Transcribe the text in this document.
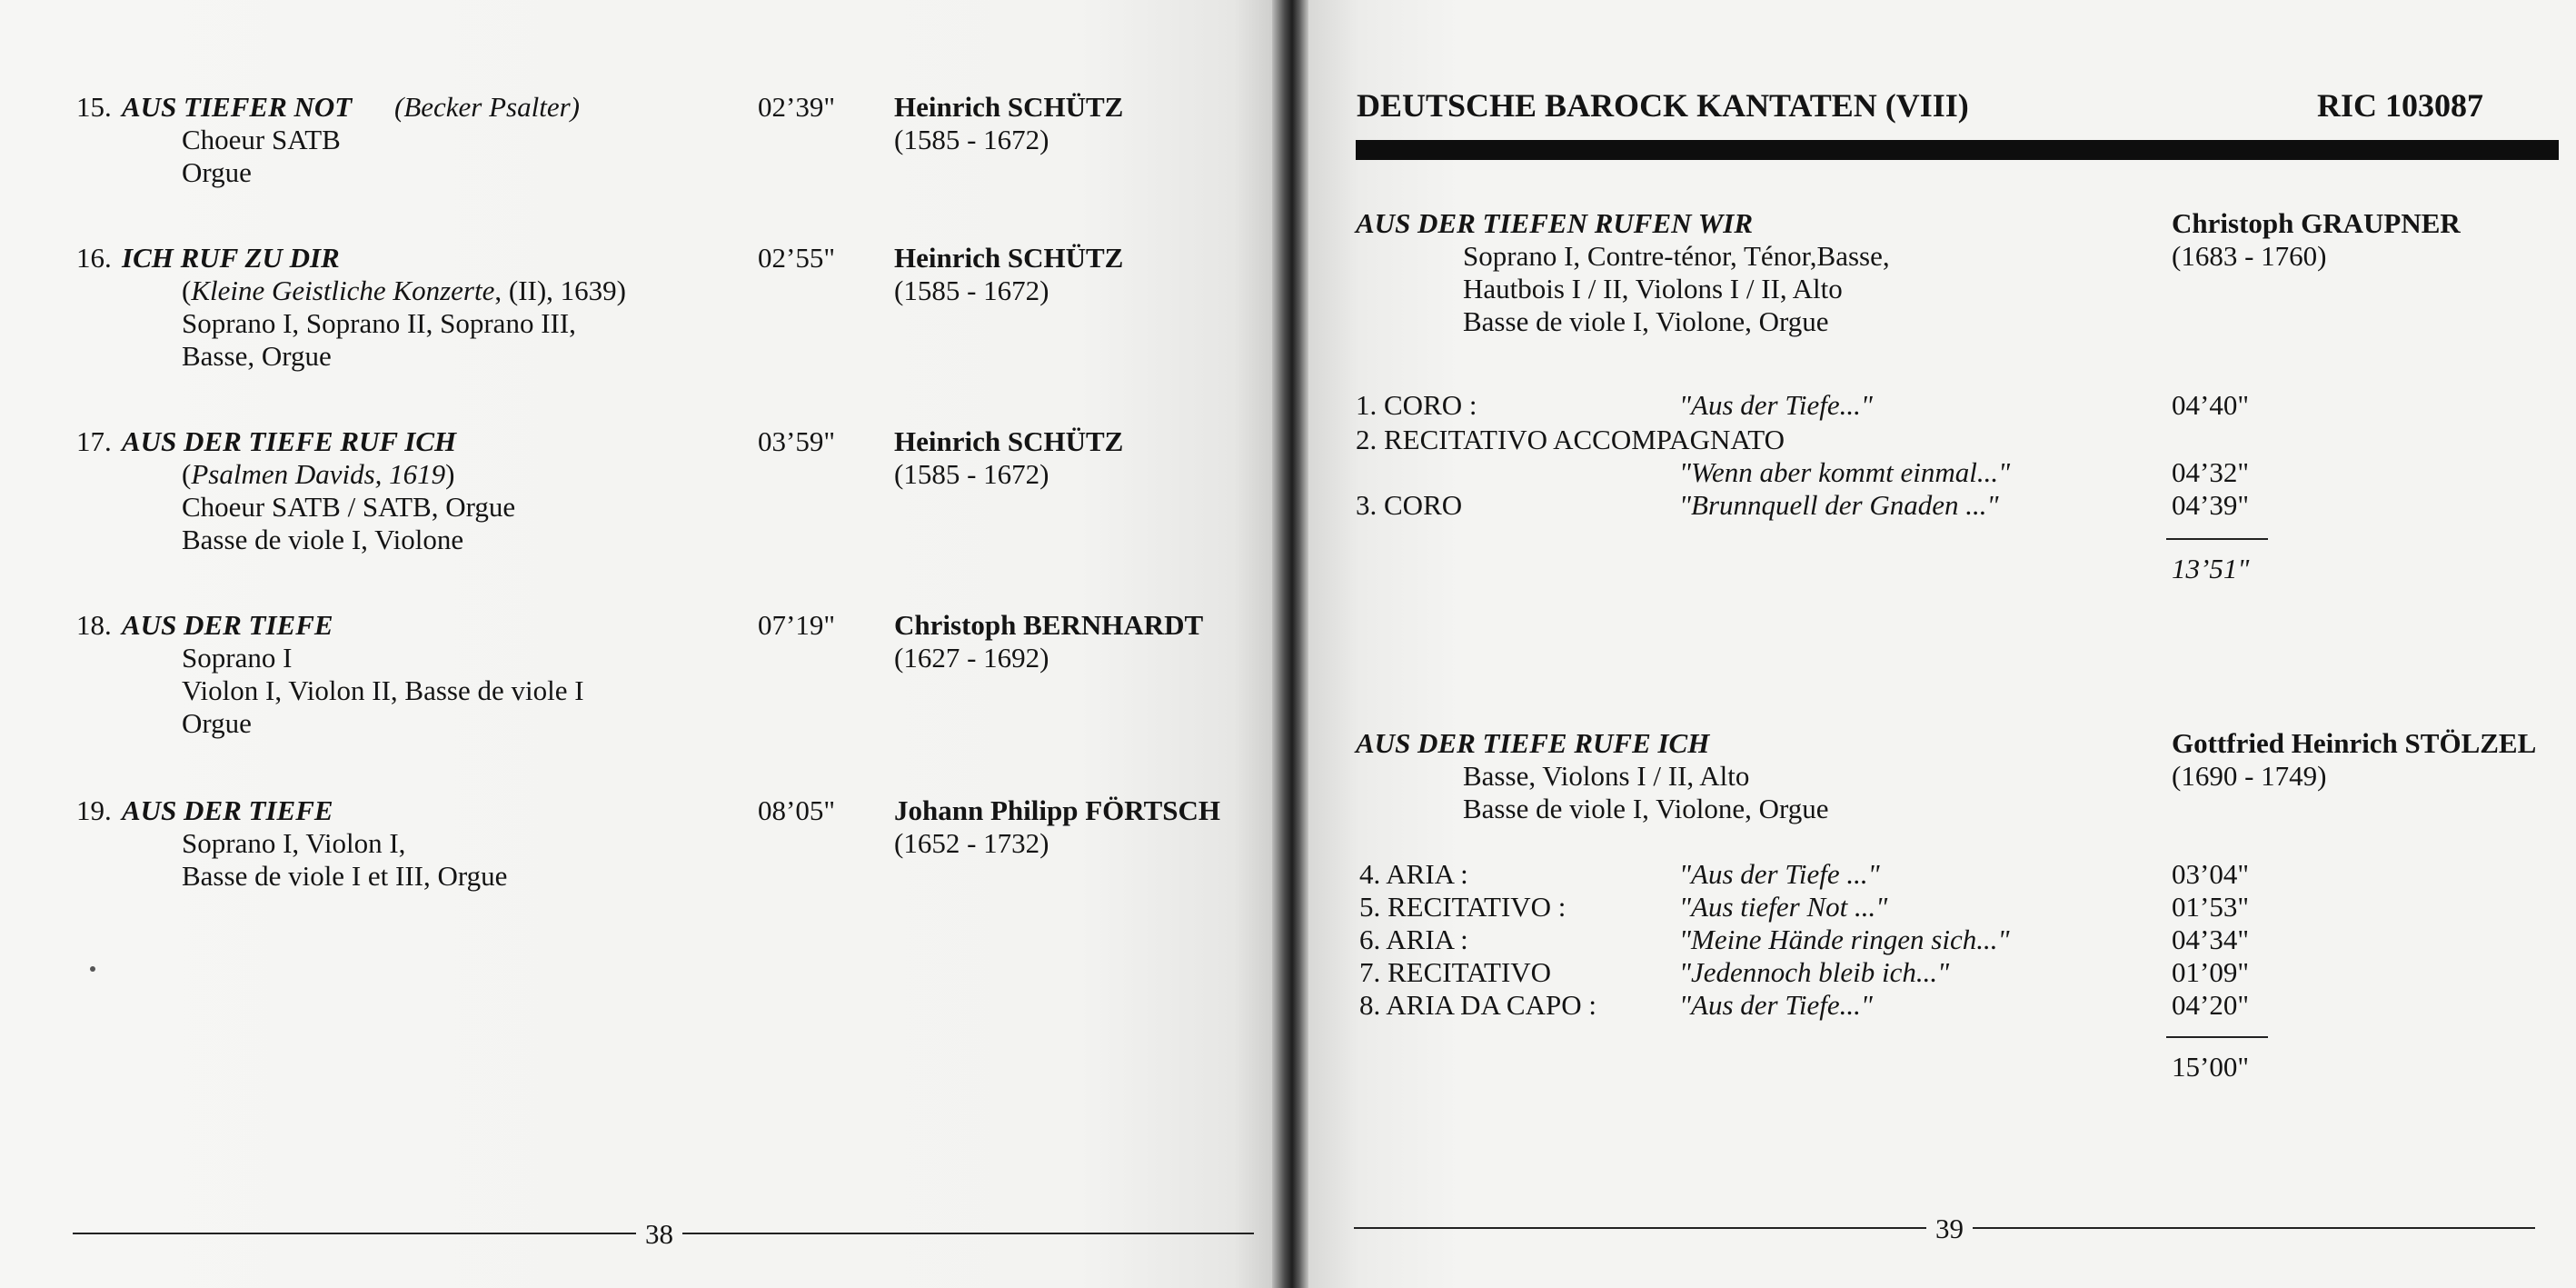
15. AUS TIEFER NOT (Becker Psalter)
Choeur SATB
Orgue
02’39" Heinrich SCHÜTZ
(1585 - 1672)
16. ICH RUF ZU DIR
(Kleine Geistliche Konzerte, (II), 1639)
Soprano I, Soprano II, Soprano III,
Basse, Orgue
02’55" Heinrich SCHÜTZ
(1585 - 1672)
17. AUS DER TIEFE RUF ICH
(Psalmen Davids, 1619)
Choeur SATB / SATB, Orgue
Basse de viole I, Violone
03’59" Heinrich SCHÜTZ
(1585 - 1672)
18. AUS DER TIEFE
Soprano I
Violon I, Violon II, Basse de viole I
Orgue
07’19" Christoph BERNHARDT
(1627 - 1692)
19. AUS DER TIEFE
Soprano I, Violon I,
Basse de viole I et III, Orgue
08’05" Johann Philipp FÖRTSCH
(1652 - 1732)
38
DEUTSCHE BAROCK KANTATEN (VIII)	RIC 103087
AUS DER TIEFEN RUFEN WIR	Christoph GRAUPNER
(1683 - 1760)
Soprano I, Contre-ténor, Ténor,Basse,
Hautbois I / II, Violons I / II, Alto
Basse de viole I, Violone, Orgue
1. CORO :	"Aus der Tiefe..."	04’40"
2. RECITATIVO ACCOMPAGNATO
"Wenn aber kommt einmal..."	04’32"
3. CORO	"Brunnquell der Gnaden ..."	04’39"
13’51"
AUS DER TIEFE RUFE ICH	Gottfried Heinrich STÖLZEL
(1690 - 1749)
Basse, Violons I / II, Alto
Basse de viole I, Violone, Orgue
4. ARIA :	"Aus der Tiefe ..."	03’04"
5. RECITATIVO :	"Aus tiefer Not ..."	01’53"
6. ARIA :	"Meine Hände ringen sich..."	04’34"
7. RECITATIVO	"Jedennoch bleib ich..."	01’09"
8. ARIA DA CAPO :	"Aus der Tiefe..."	04’20"
15’00"
39
